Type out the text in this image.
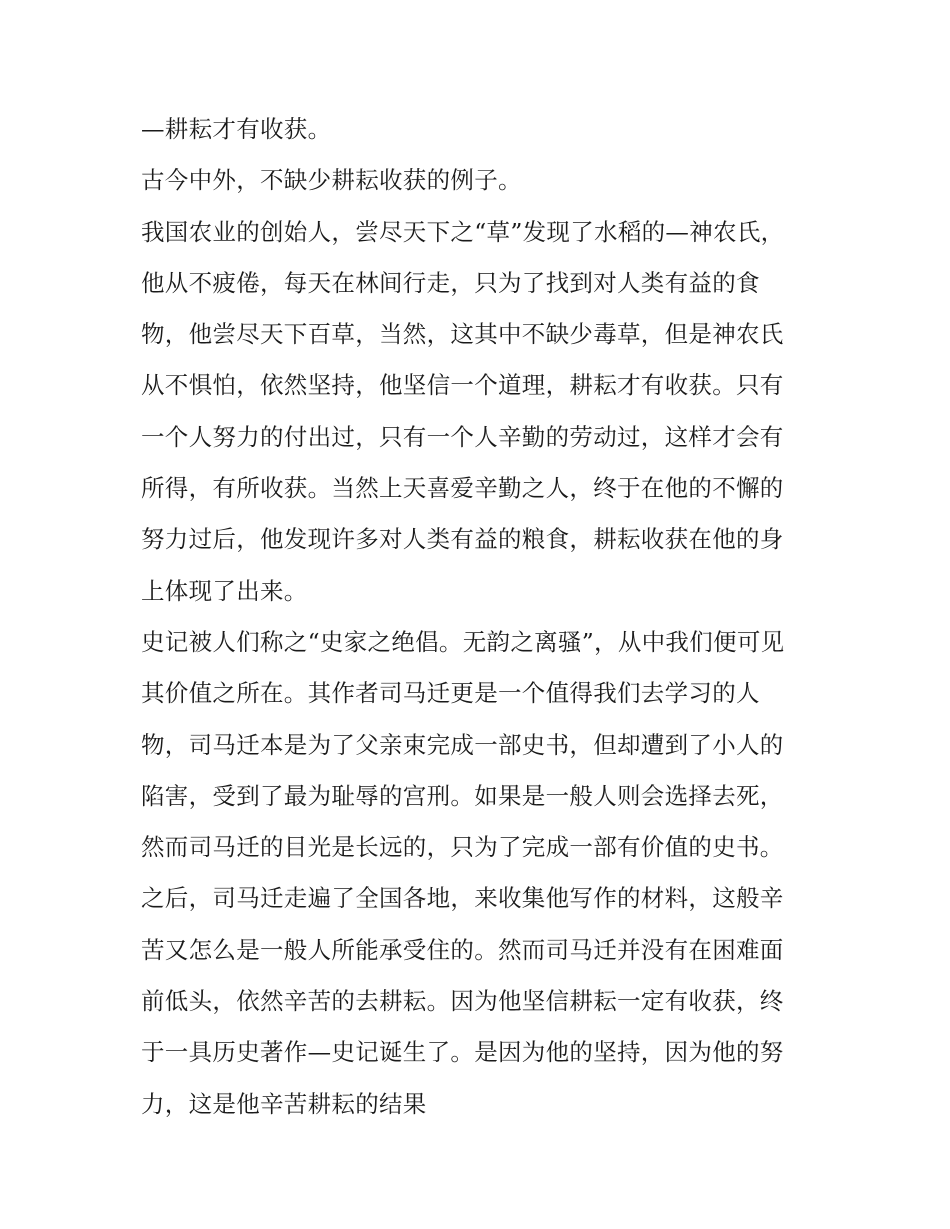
—耕耘才有收获。
古今中外，不缺少耕耘收获的例子。
我国农业的创始人，尝尽天下之“草”发现了水稻的—神农氏，
他从不疲倦，每天在林间行走，只为了找到对人类有益的食
物，他尝尽天下百草，当然，这其中不缺少毒草，但是神农氏
从不惧怕，依然坚持，他坚信一个道理，耕耘才有收获。只有
一个人努力的付出过，只有一个人辛勤的劳动过，这样才会有
所得，有所收获。当然上天喜爱辛勤之人，终于在他的不懈的
努力过后，他发现许多对人类有益的粮食，耕耘收获在他的身
上体现了出来。
史记被人们称之“史家之绝倡。无韵之离骚”，从中我们便可见
其价值之所在。其作者司马迁更是一个值得我们去学习的人
物，司马迁本是为了父亲束完成一部史书，但却遭到了小人的
陷害，受到了最为耻辱的宫刑。如果是一般人则会选择去死，
然而司马迁的目光是长远的，只为了完成一部有价值的史书。
之后，司马迁走遍了全国各地，来收集他写作的材料，这般辛
苦又怎么是一般人所能承受住的。然而司马迁并没有在困难面
前低头，依然辛苦的去耕耘。因为他坚信耕耘一定有收获，终
于一具历史著作—史记诞生了。是因为他的坚持，因为他的努
力，这是他辛苦耕耘的结果
